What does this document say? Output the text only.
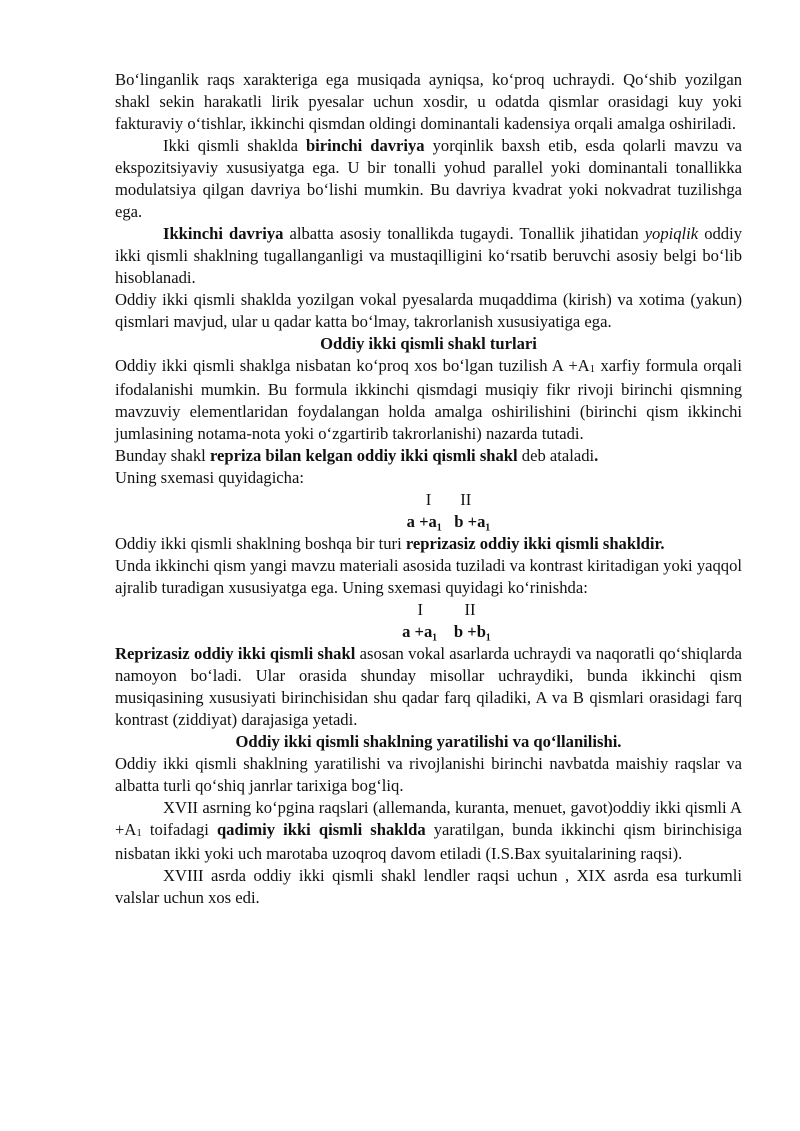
Bo‘linganlik raqs xarakteriga ega musiqada ayniqsa, ko‘proq uchraydi. Qo‘shib yozilgan shakl sekin harakatli lirik pyesalar uchun xosdir, u odatda qismlar orasidagi kuy yoki fakturaviy o‘tishlar, ikkinchi qismdan oldingi dominantali kadensiya orqali amalga oshiriladi.

Ikki qismli shaklda birinchi davriya yorqinlik baxsh etib, esda qolarli mavzu va ekspozitsiyaviy xususiyatga ega. U bir tonalli yohud parallel yoki dominantali tonallikka modulatsiya qilgan davriya bo‘lishi mumkin. Bu davriya kvadrat yoki nokvadrat tuzilishga ega.

Ikkinchi davriya albatta asosiy tonallikda tugaydi. Tonallik jihatidan yopiqlik oddiy ikki qismli shaklning tugallanganligi va mustaqilligini ko‘rsatib beruvchi asosiy belgi bo‘lib hisoblanadi.

Oddiy ikki qismli shaklda yozilgan vokal pyesalarda muqaddima (kirish) va xotima (yakun) qismlari mavjud, ular u qadar katta bo‘lmay, takrorlanish xususiyatiga ega.

Oddiy ikki qismli shakl turlari

Oddiy ikki qismli shaklga nisbatan ko‘proq xos bo‘lgan tuzilish $A +A_1$ xarfiy formula orqali ifodalanishi mumkin. Bu formula ikkinchi qismdagi musiqiy fikr rivoji birinchi qismning mavzuviy elementlaridan foydalangan holda amalga oshirilishini (birinchi qism ikkinchi jumlasining notama-nota yoki o‘zgartirib takrorlanishi) nazarda tutadi.

Bunday shakl repriza bilan kelgan oddiy ikki qismli shakl deb ataladi.

Uning sxemasi quyidagicha:

I       II

a +a₁   b +a₁

Oddiy ikki qismli shaklning boshqa bir turi reprizasiz oddiy ikki qismli shakldir.

Unda ikkinchi qism yangi mavzu materiali asosida tuziladi va kontrast kiritadigan yoki yaqqol ajralib turadigan xususiyatga ega. Uning sxemasi quyidagi ko‘rinishda:

I          II

a +a₁    b +b₁

Reprizasiz oddiy ikki qismli shakl asosan vokal asarlarda uchraydi va naqoratli qo‘shiqlarda namoyon bo‘ladi. Ular orasida shunday misollar uchraydiki, bunda ikkinchi qism musiqasining xususiyati birinchisidan shu qadar farq qiladiki, A va B qismlari orasidagi farq kontrast (ziddiyat) darajasiga yetadi.

Oddiy ikki qismli shaklning yaratilishi va qo‘llanilishi.

Oddiy ikki qismli shaklning yaratilishi va rivojlanishi birinchi navbatda maishiy raqslar va albatta turli qo‘shiq janrlar tarixiga bog‘liq.

XVII asrning ko‘pgina raqslari (allemanda, kuranta, menuet, gavot)oddiy ikki qismli $A +A_1$ toifadagi qadimiy ikki qismli shaklda yaratilgan, bunda ikkinchi qism birinchisiga nisbatan ikki yoki uch marotaba uzoqroq davom etiladi (I.S.Bax syuitalarining raqsi).

XVIII asrda oddiy ikki qismli shakl lendler raqsi uchun , XIX asrda esa turkumli valslar uchun xos edi.
